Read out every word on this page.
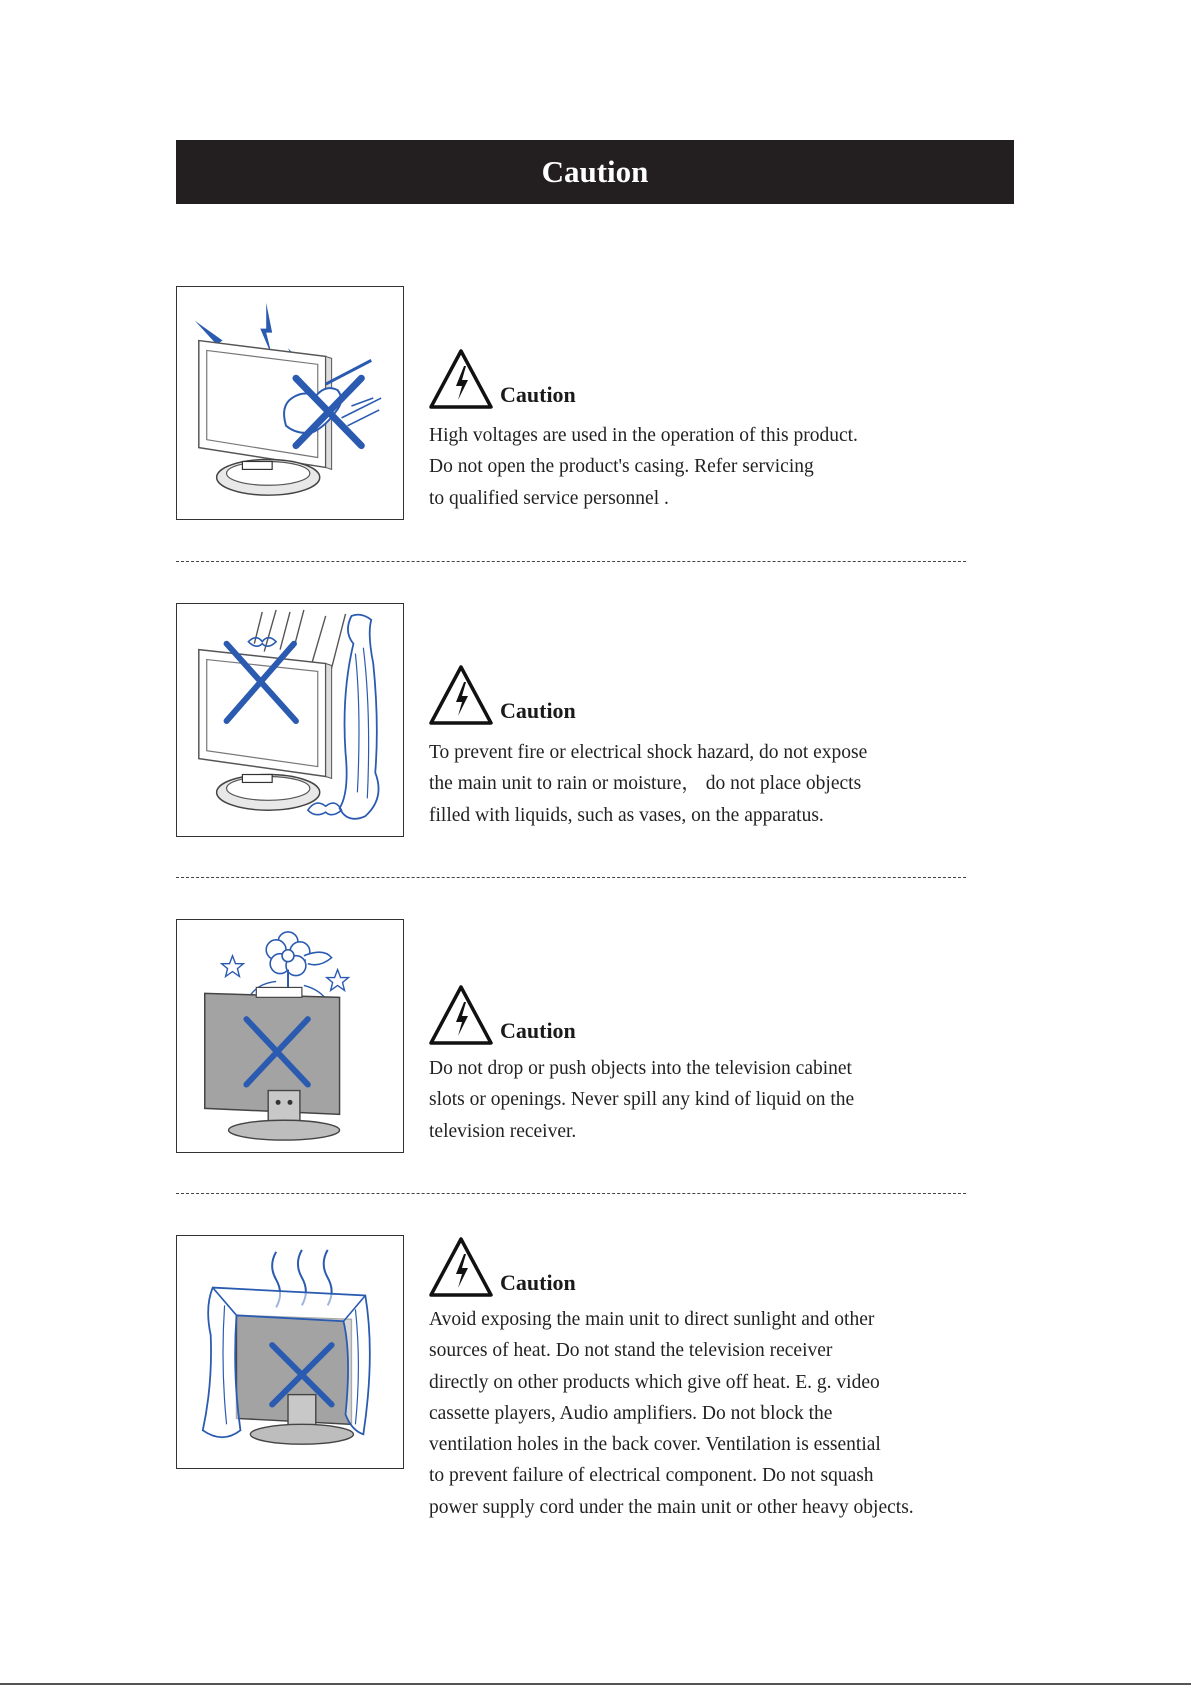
Caution
Caution

High voltages are used in the operation of this product.

Do not open the product's casing. Refer servicing

to qualified service personnel .

Caution

To prevent fire or electrical shock hazard, do not expose

the main unit to rain or moisture， do not place objects

filled with liquids, such as vases, on the apparatus.

Caution

Do not drop or push objects into the television cabinet

slots or openings. Never spill any kind of liquid on the

television receiver.

Caution

Avoid exposing the main unit to direct sunlight and other

sources of heat. Do not stand the television receiver

directly on other products which give off heat. E. g. video

cassette players, Audio amplifiers. Do not block the

ventilation holes in the back cover. Ventilation is essential

to prevent failure of electrical component. Do not squash

power supply cord under the main unit or other heavy objects.
